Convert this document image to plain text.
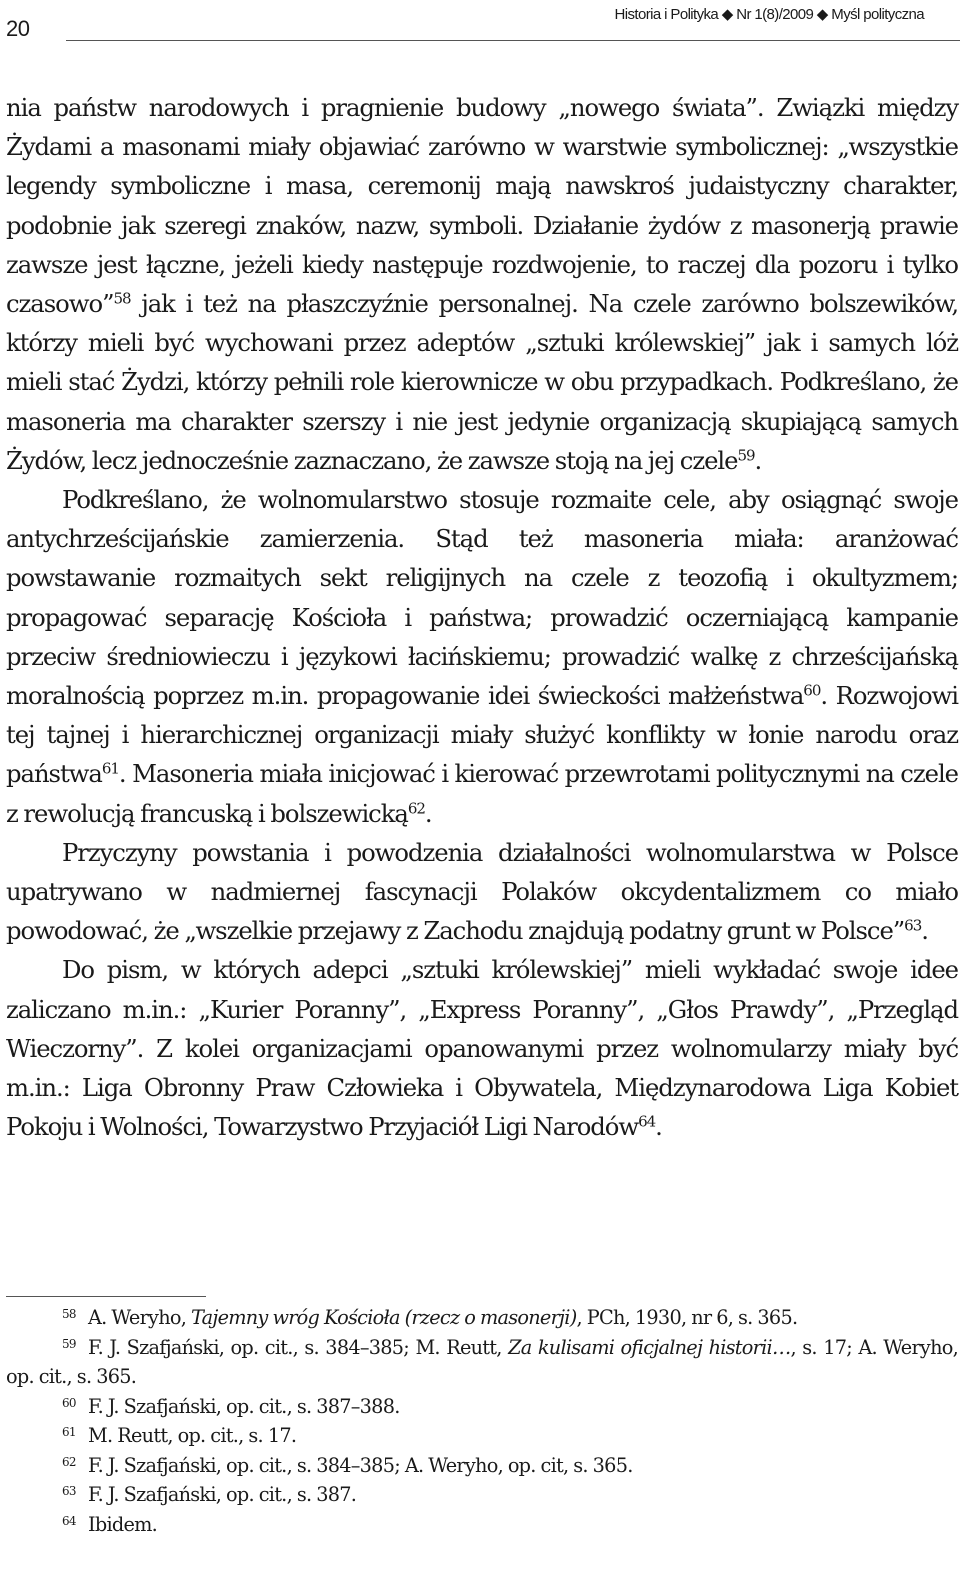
20
Historia i Polityka ◆ Nr 1(8)/2009 ◆ Myśl polityczna

nia państw narodowych i pragnienie budowy „nowego świata”. Związki między Żydami a masonami miały objawiać zarówno w warstwie symbolicznej: „wszystkie legendy symboliczne i masa, ceremonij mają nawskroś judaistyczny charakter, podobnie jak szeregi znaków, nazw, symboli. Działanie żydów z masonerją prawie zawsze jest łączne, jeżeli kiedy następuje rozdwojenie, to raczej dla pozoru i tylko czasowo”$^{58}$ jak i też na płaszczyźnie personalnej. Na czele zarówno bolszewików, którzy mieli być wychowani przez adeptów „sztuki królewskiej” jak i samych lóż mieli stać Żydzi, którzy pełnili role kierownicze w obu przypadkach. Podkreślano, że masoneria ma charakter szerszy i nie jest jedynie organizacją skupiającą samych Żydów, lecz jednocześnie zaznaczano, że zawsze stoją na jej czele$^{59}$.

Podkreślano, że wolnomularstwo stosuje rozmaite cele, aby osiągnąć swoje antychrześcijańskie zamierzenia. Stąd też masoneria miała: aranżować powstawanie rozmaitych sekt religijnych na czele z teozofią i okultyzmem; propagować separację Kościoła i państwa; prowadzić oczerniającą kampanie przeciw średniowieczu i językowi łacińskiemu; prowadzić walkę z chrześcijańską moralnością poprzez m.in. propagowanie idei świeckości małżeństwa$^{60}$. Rozwojowi tej tajnej i hierarchicznej organizacji miały służyć konflikty w łonie narodu oraz państwa$^{61}$. Masoneria miała inicjować i kierować przewrotami politycznymi na czele z rewolucją francuską i bolszewicką$^{62}$.

Przyczyny powstania i powodzenia działalności wolnomularstwa w Polsce upatrywano w nadmiernej fascynacji Polaków okcydentalizmem co miało powodować, że „wszelkie przejawy z Zachodu znajdują podatny grunt w Polsce”$^{63}$.

Do pism, w których adepci „sztuki królewskiej” mieli wykładać swoje idee zaliczano m.in.: „Kurier Poranny”, „Express Poranny”, „Głos Prawdy”, „Przegląd Wieczorny”. Z kolei organizacjami opanowanymi przez wolnomularzy miały być m.in.: Liga Obronny Praw Człowieka i Obywatela, Międzynarodowa Liga Kobiet Pokoju i Wolności, Towarzystwo Przyjaciół Ligi Narodów$^{64}$.

$^{58}$ A. Weryho, Tajemny wróg Kościoła (rzecz o masonerji), PCh, 1930, nr 6, s. 365.

$^{59}$ F. J. Szafjański, op. cit., s. 384–385; M. Reutt, Za kulisami oficjalnej historii…, s. 17; A. Weryho, op. cit., s. 365.

$^{60}$ F. J. Szafjański, op. cit., s. 387–388.

$^{61}$ M. Reutt, op. cit., s. 17.

$^{62}$ F. J. Szafjański, op. cit., s. 384–385; A. Weryho, op. cit, s. 365.

$^{63}$ F. J. Szafjański, op. cit., s. 387.

$^{64}$ Ibidem.
